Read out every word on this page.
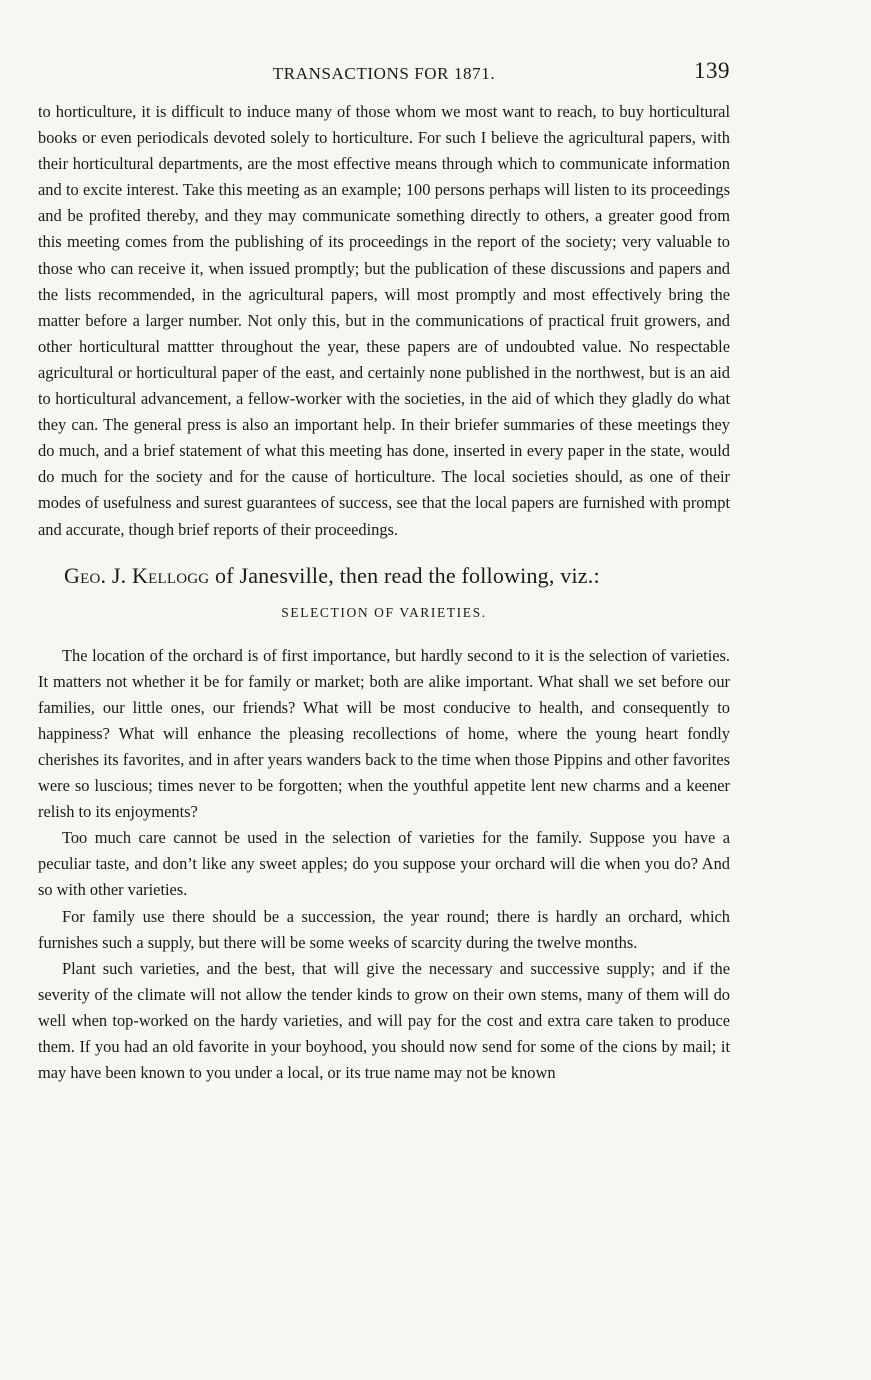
TRANSACTIONS FOR 1871.	139

to horticulture, it is difficult to induce many of those whom we most want to reach, to buy horticultural books or even periodicals devoted solely to horticulture. For such I believe the agricultural papers, with their horticultural departments, are the most effective means through which to communicate information and to excite interest. Take this meeting as an example; 100 persons perhaps will listen to its proceedings and be profited thereby, and they may communicate something directly to others, a greater good from this meeting comes from the publishing of its proceedings in the report of the society; very valuable to those who can receive it, when issued promptly; but the publication of these discussions and papers and the lists recommended, in the agricultural papers, will most promptly and most effectively bring the matter before a larger number. Not only this, but in the communications of practical fruit growers, and other horticultural mattter throughout the year, these papers are of undoubted value. No respectable agricultural or horticultural paper of the east, and certainly none published in the northwest, but is an aid to horticultural advancement, a fellow-worker with the societies, in the aid of which they gladly do what they can. The general press is also an important help. In their briefer summaries of these meetings they do much, and a brief statement of what this meeting has done, inserted in every paper in the state, would do much for the society and for the cause of horticulture. The local societies should, as one of their modes of usefulness and surest guarantees of success, see that the local papers are furnished with prompt and accurate, though brief reports of their proceedings.

Geo. J. Kellogg of Janesville, then read the following, viz.:
SELECTION OF VARIETIES.

The location of the orchard is of first importance, but hardly second to it is the selection of varieties. It matters not whether it be for family or market; both are alike important. What shall we set before our families, our little ones, our friends? What will be most conducive to health, and consequently to happiness? What will enhance the pleasing recollections of home, where the young heart fondly cherishes its favorites, and in after years wanders back to the time when those Pippins and other favorites were so luscious; times never to be forgotten; when the youthful appetite lent new charms and a keener relish to its enjoyments?

Too much care cannot be used in the selection of varieties for the family. Suppose you have a peculiar taste, and don’t like any sweet apples; do you suppose your orchard will die when you do? And so with other varieties.

For family use there should be a succession, the year round; there is hardly an orchard, which furnishes such a supply, but there will be some weeks of scarcity during the twelve months.

Plant such varieties, and the best, that will give the necessary and successive supply; and if the severity of the climate will not allow the tender kinds to grow on their own stems, many of them will do well when top-worked on the hardy varieties, and will pay for the cost and extra care taken to produce them. If you had an old favorite in your boyhood, you should now send for some of the cions by mail; it may have been known to you under a local, or its true name may not be known
